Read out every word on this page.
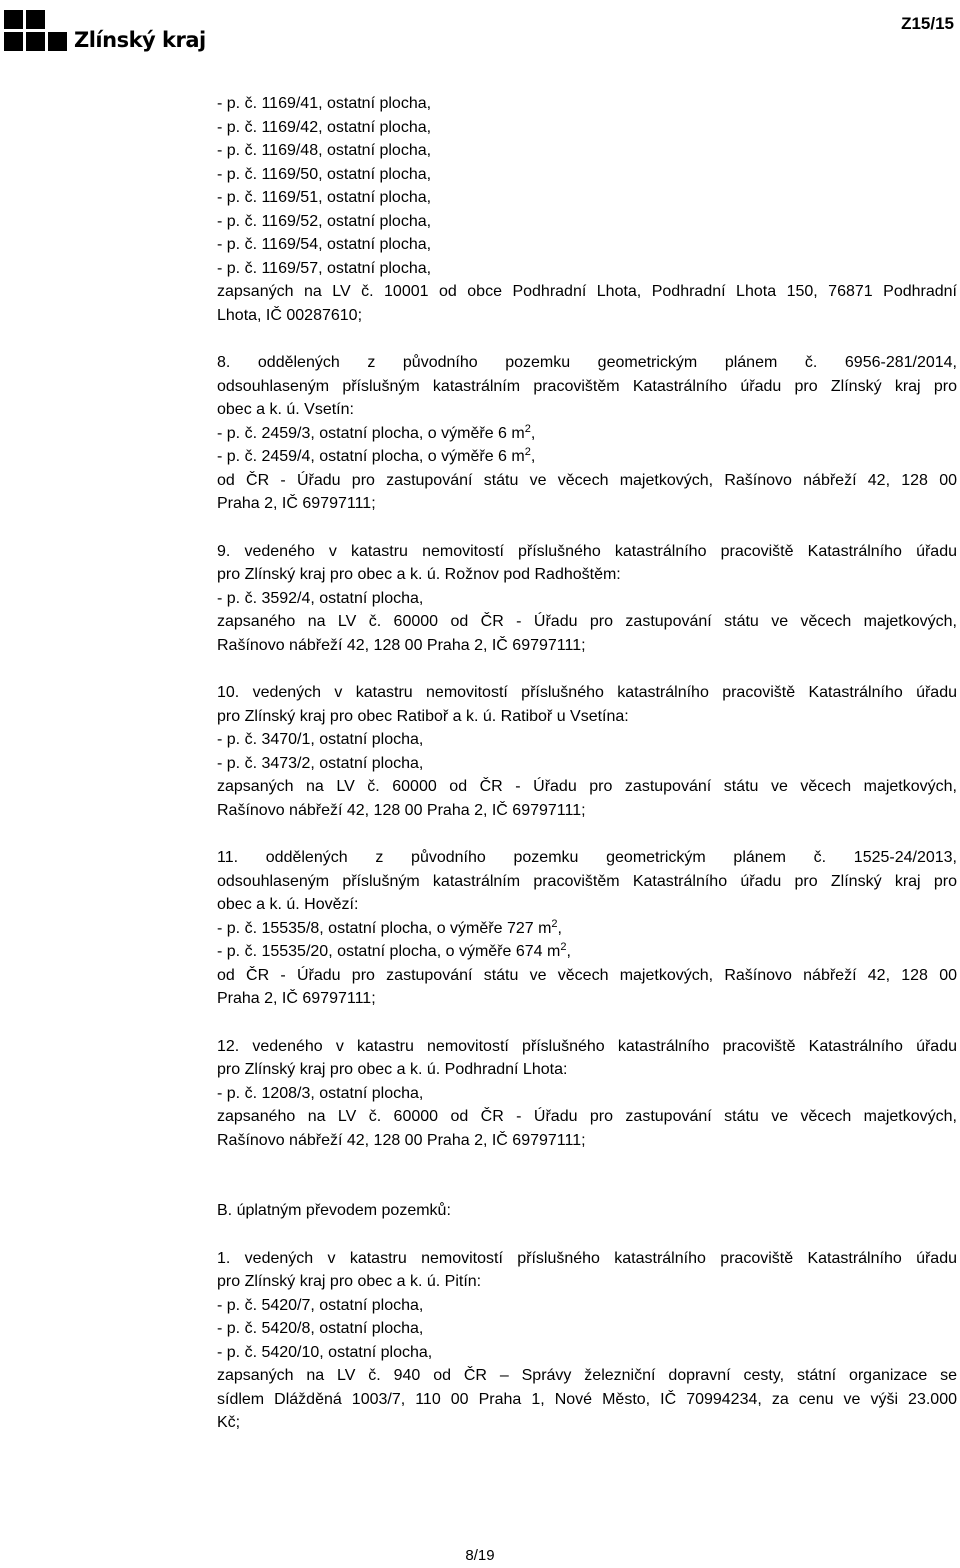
Zlínský kraj
Z15/15

- p. č. 1169/41, ostatní plocha,

- p. č. 1169/42, ostatní plocha,

- p. č. 1169/48, ostatní plocha,

- p. č. 1169/50, ostatní plocha,

- p. č. 1169/51, ostatní plocha,

- p. č. 1169/52, ostatní plocha,

- p. č. 1169/54, ostatní plocha,

- p. č. 1169/57, ostatní plocha,

zapsaných na LV č. 10001 od obce Podhradní Lhota, Podhradní Lhota 150, 76871 Podhradní

Lhota, IČ 00287610;

8. oddělených z původního pozemku geometrickým plánem č. 6956-281/2014,

odsouhlaseným příslušným katastrálním pracovištěm Katastrálního úřadu pro Zlínský kraj pro

obec a k. ú. Vsetín:

- p. č. 2459/3, ostatní plocha, o výměře 6 $m^2$,

- p. č. 2459/4, ostatní plocha, o výměře 6 $m^2$,

od ČR - Úřadu pro zastupování státu ve věcech majetkových, Rašínovo nábřeží 42, 128 00

Praha 2, IČ 69797111;

9. vedeného v katastru nemovitostí příslušného katastrálního pracoviště Katastrálního úřadu

pro Zlínský kraj pro obec a k. ú. Rožnov pod Radhoštěm:

- p. č. 3592/4, ostatní plocha,

zapsaného na LV č. 60000 od ČR - Úřadu pro zastupování státu ve věcech majetkových,

Rašínovo nábřeží 42, 128 00 Praha 2, IČ 69797111;

10. vedených v katastru nemovitostí příslušného katastrálního pracoviště Katastrálního úřadu

pro Zlínský kraj pro obec Ratiboř a k. ú. Ratiboř u Vsetína:

- p. č. 3470/1, ostatní plocha,

- p. č. 3473/2, ostatní plocha,

zapsaných na LV č. 60000 od ČR - Úřadu pro zastupování státu ve věcech majetkových,

Rašínovo nábřeží 42, 128 00 Praha 2, IČ 69797111;

11. oddělených z původního pozemku geometrickým plánem č. 1525-24/2013,

odsouhlaseným příslušným katastrálním pracovištěm Katastrálního úřadu pro Zlínský kraj pro

obec a k. ú. Hovězí:

- p. č. 15535/8, ostatní plocha, o výměře 727 $m^2$,

- p. č. 15535/20, ostatní plocha, o výměře 674 $m^2$,

od ČR - Úřadu pro zastupování státu ve věcech majetkových, Rašínovo nábřeží 42, 128 00

Praha 2, IČ 69797111;

12. vedeného v katastru nemovitostí příslušného katastrálního pracoviště Katastrálního úřadu

pro Zlínský kraj pro obec a k. ú. Podhradní Lhota:

- p. č. 1208/3, ostatní plocha,

zapsaného na LV č. 60000 od ČR - Úřadu pro zastupování státu ve věcech majetkových,

Rašínovo nábřeží 42, 128 00 Praha 2, IČ 69797111;

B. úplatným převodem pozemků:

1. vedených v katastru nemovitostí příslušného katastrálního pracoviště Katastrálního úřadu

pro Zlínský kraj pro obec a k. ú. Pitín:

- p. č. 5420/7, ostatní plocha,

- p. č. 5420/8, ostatní plocha,

- p. č. 5420/10, ostatní plocha,

zapsaných na LV č. 940 od ČR – Správy železniční dopravní cesty, státní organizace se

sídlem Dlážděná 1003/7, 110 00 Praha 1, Nové Město, IČ 70994234, za cenu ve výši 23.000

Kč;

8/19
